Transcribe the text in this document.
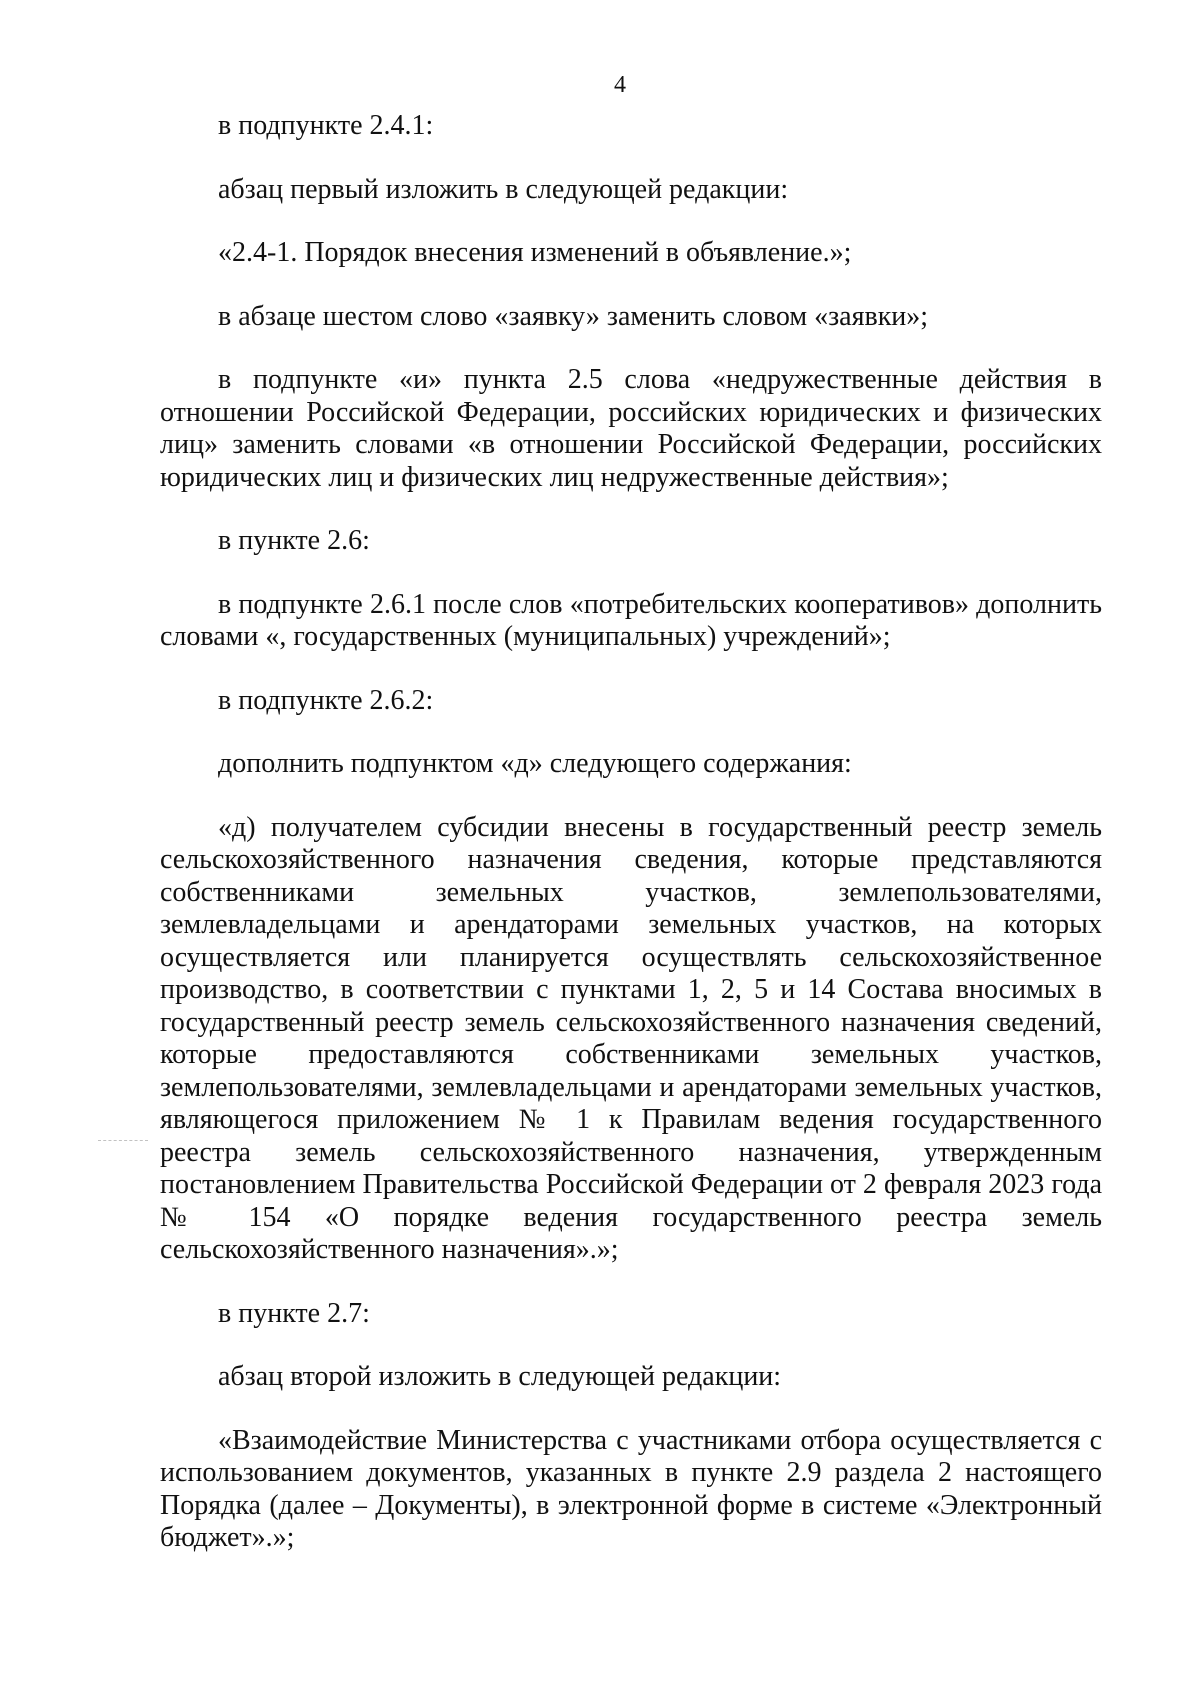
4

в подпункте 2.4.1:

абзац первый изложить в следующей редакции:

«2.4-1. Порядок внесения изменений в объявление.»;

в абзаце шестом слово «заявку» заменить словом «заявки»;

в подпункте «и» пункта 2.5 слова «недружественные действия в отношении Российской Федерации, российских юридических и физических лиц» заменить словами «в отношении Российской Федерации, российских юридических лиц и физических лиц недружественные действия»;

в пункте 2.6:

в подпункте 2.6.1 после слов «потребительских кооперативов» дополнить словами «, государственных (муниципальных) учреждений»;

в подпункте 2.6.2:

дополнить подпунктом «д» следующего содержания:

«д) получателем субсидии внесены в государственный реестр земель сельскохозяйственного назначения сведения, которые представляются собственниками земельных участков, землепользователями, землевладельцами и арендаторами земельных участков, на которых осуществляется или планируется осуществлять сельскохозяйственное производство, в соответствии с пунктами 1, 2, 5 и 14 Состава вносимых в государственный реестр земель сельскохозяйственного назначения сведений, которые предоставляются собственниками земельных участков, землепользователями, землевладельцами и арендаторами земельных участков, являющегося приложением № 1 к Правилам ведения государственного реестра земель сельскохозяйственного назначения, утвержденным постановлением Правительства Российской Федерации от 2 февраля 2023 года № 154 «О порядке ведения государственного реестра земель сельскохозяйственного назначения».»;

в пункте 2.7:

абзац второй изложить в следующей редакции:

«Взаимодействие Министерства с участниками отбора осуществляется с использованием документов, указанных в пункте 2.9 раздела 2 настоящего Порядка (далее – Документы), в электронной форме в системе «Электронный бюджет».»;
